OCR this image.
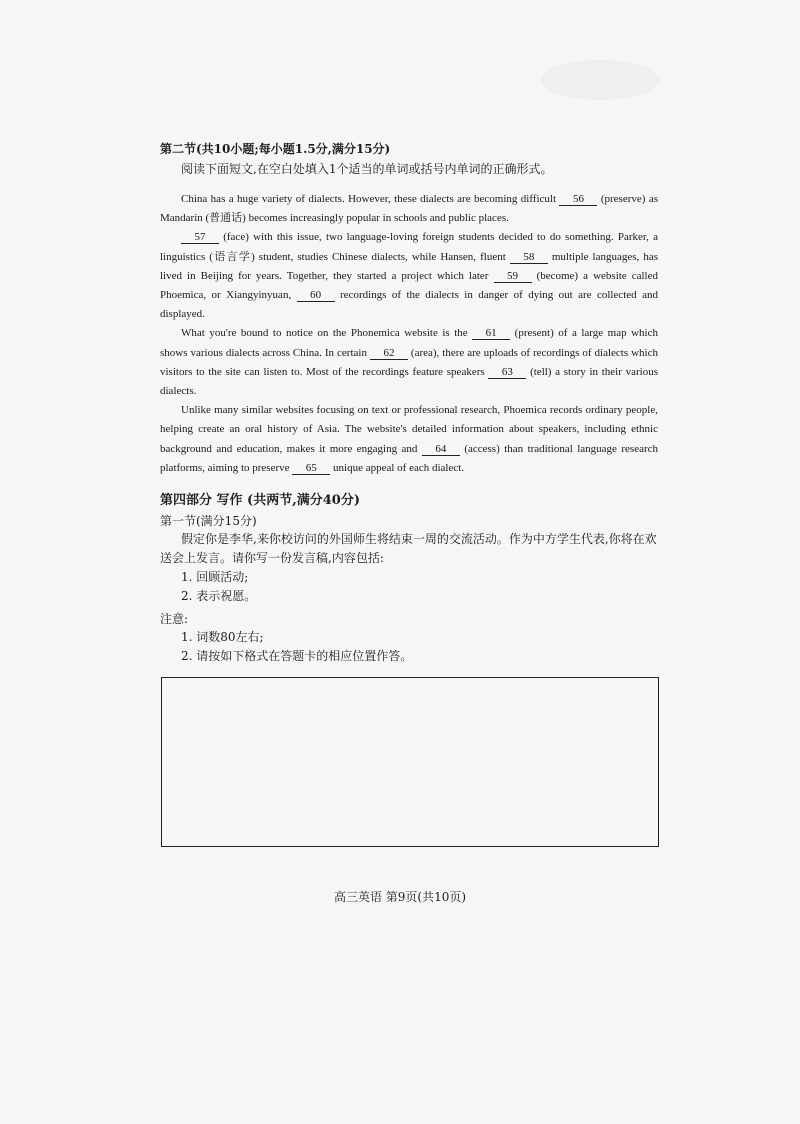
第二节(共10小题;每小题1.5分,满分15分)
阅读下面短文,在空白处填入1个适当的单词或括号内单词的正确形式。

China has a huge variety of dialects. However, these dialects are becoming difficult 56 (preserve) as Mandarin (普通话) becomes increasingly popular in schools and public places.

57 (face) with this issue, two language-loving foreign students decided to do something. Parker, a linguistics (语言学) student, studies Chinese dialects, while Hansen, fluent 58 multiple languages, has lived in Beijing for years. Together, they started a project which later 59 (become) a website called Phoemica, or Xiangyinyuan, 60 recordings of the dialects in danger of dying out are collected and displayed.

What you're bound to notice on the Phonemica website is the 61 (present) of a large map which shows various dialects across China. In certain 62 (area), there are uploads of recordings of dialects which visitors to the site can listen to. Most of the recordings feature speakers 63 (tell) a story in their various dialects.

Unlike many similar websites focusing on text or professional research, Phoemica records ordinary people, helping create an oral history of Asia. The website's detailed information about speakers, including ethnic background and education, makes it more engaging and 64 (access) than traditional language research platforms, aiming to preserve 65 unique appeal of each dialect.

第四部分 写作 (共两节,满分40分)
第一节(满分15分)
假定你是李华,来你校访问的外国师生将结束一周的交流活动。作为中方学生代表,你将在欢送会上发言。请你写一份发言稿,内容包括:
1. 回顾活动;
2. 表示祝愿。
注意:
1. 词数80左右;
2. 请按如下格式在答题卡的相应位置作答。
高三英语 第9页(共10页)
